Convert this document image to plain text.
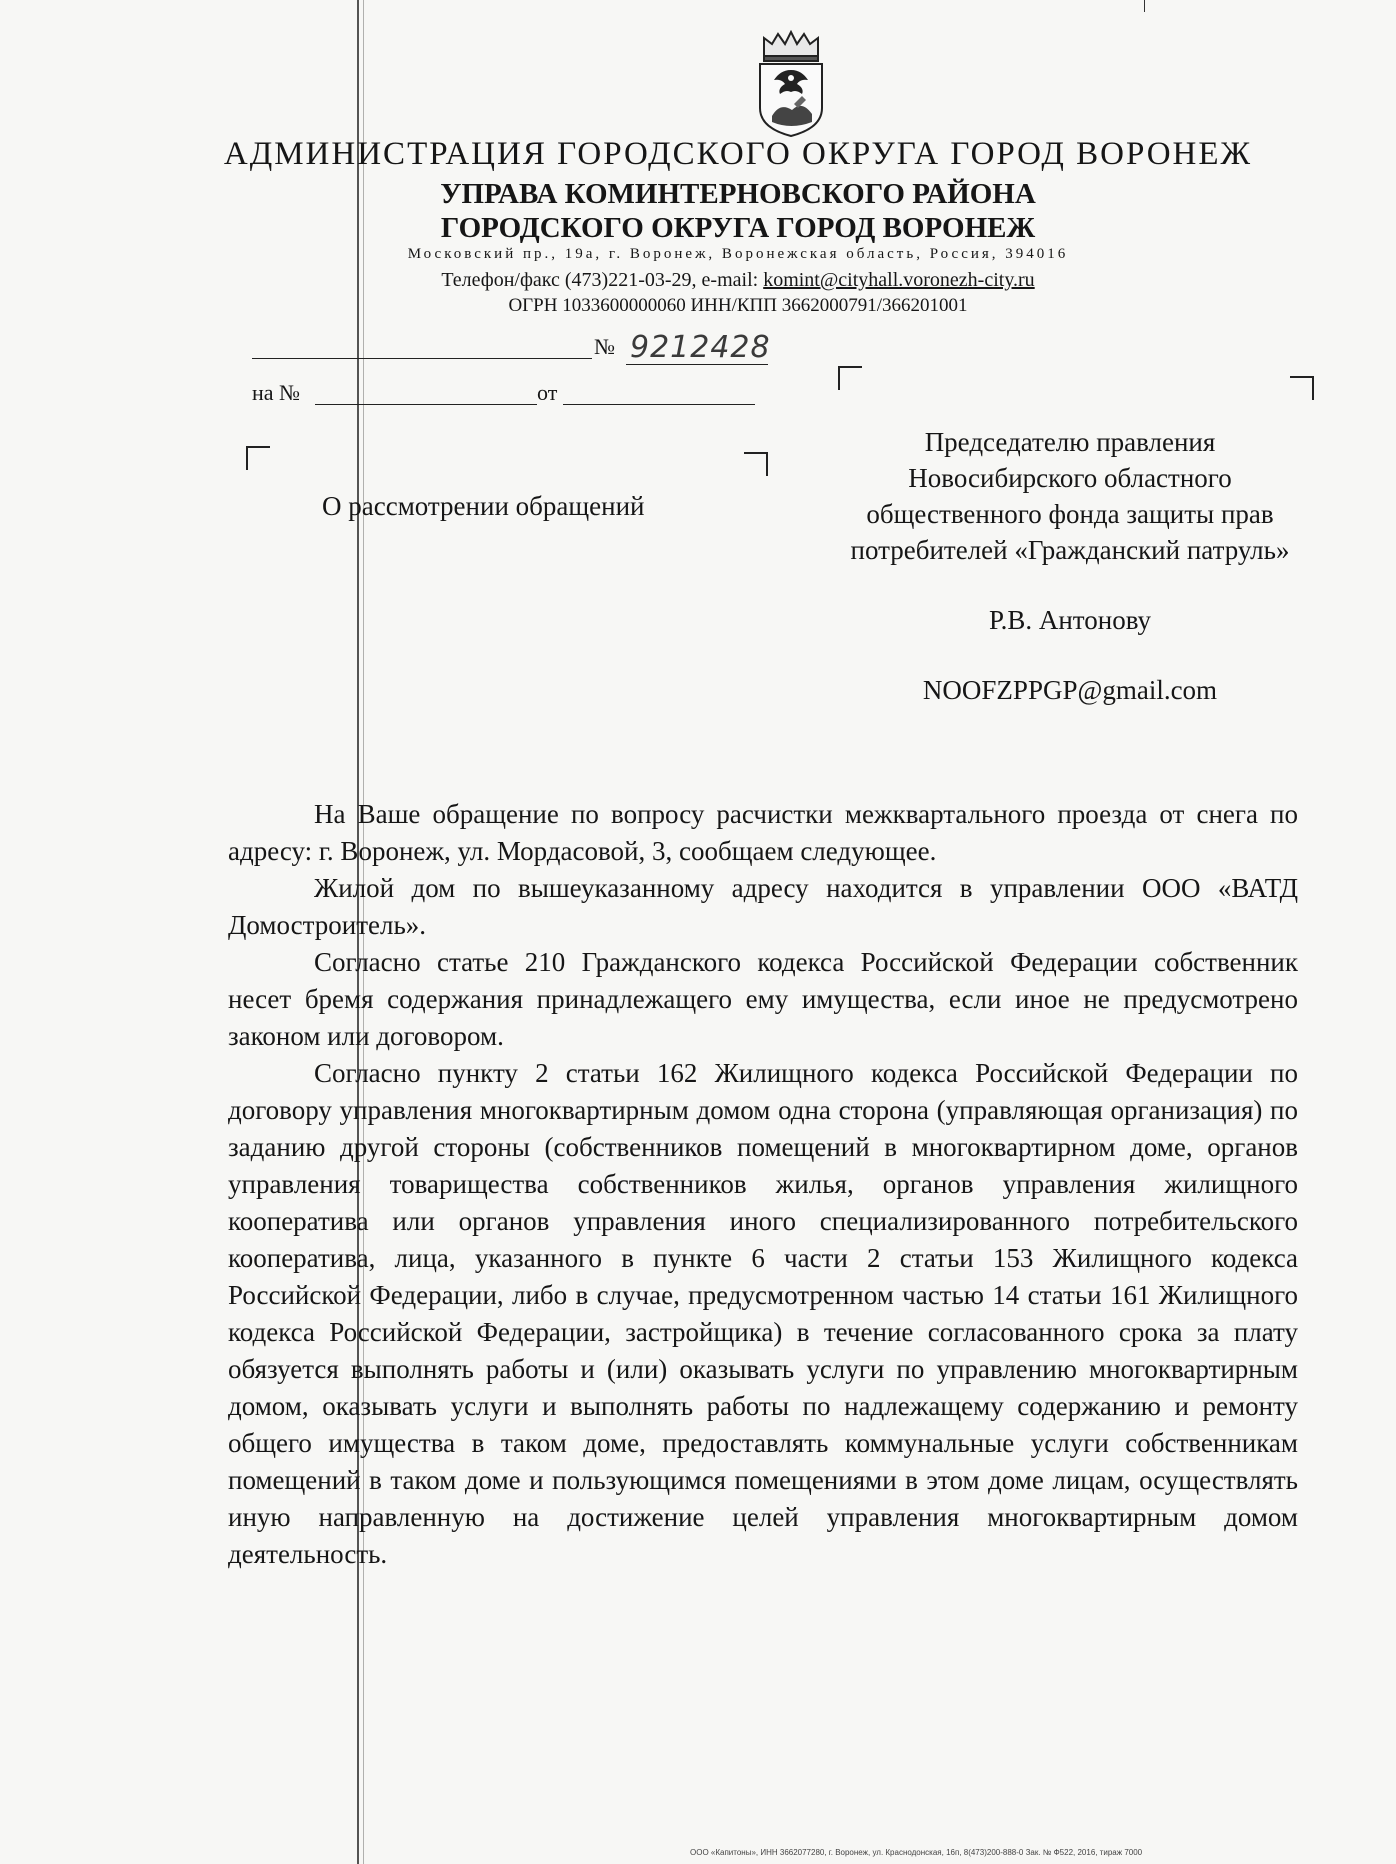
АДМИНИСТРАЦИЯ ГОРОДСКОГО ОКРУГА ГОРОД ВОРОНЕЖ
УПРАВА КОМИНТЕРНОВСКОГО РАЙОНА
ГОРОДСКОГО ОКРУГА ГОРОД ВОРОНЕЖ
Московский пр., 19а, г. Воронеж, Воронежская область, Россия, 394016
Телефон/факс (473)221-03-29, e-mail: komint@cityhall.voronezh-city.ru
ОГРН 1033600000060 ИНН/КПП 3662000791/366201001
№ 9212428
на №	от
О рассмотрении обращений
Председателю правления
Новосибирского областного
общественного фонда защиты прав
потребителей «Гражданский патруль»
Р.В. Антонову
NOOFZPPGP@gmail.com

На Ваше обращение по вопросу расчистки межквартального проезда от снега по адресу: г. Воронеж, ул. Мордасовой, 3, сообщаем следующее.

Жилой дом по вышеуказанному адресу находится в управлении ООО «ВАТД Домостроитель».

Согласно статье 210 Гражданского кодекса Российской Федерации собственник несет бремя содержания принадлежащего ему имущества, если иное не предусмотрено законом или договором.

Согласно пункту 2 статьи 162 Жилищного кодекса Российской Федерации по договору управления многоквартирным домом одна сторона (управляющая организация) по заданию другой стороны (собственников помещений в многоквартирном доме, органов управления товарищества собственников жилья, органов управления жилищного кооператива или органов управления иного специализированного потребительского кооператива, лица, указанного в пункте 6 части 2 статьи 153 Жилищного кодекса Российской Федерации, либо в случае, предусмотренном частью 14 статьи 161 Жилищного кодекса Российской Федерации, застройщика) в течение согласованного срока за плату обязуется выполнять работы и (или) оказывать услуги по управлению многоквартирным домом, оказывать услуги и выполнять работы по надлежащему содержанию и ремонту общего имущества в таком доме, предоставлять коммунальные услуги собственникам помещений в таком доме и пользующимся помещениями в этом доме лицам, осуществлять иную направленную на достижение целей управления многоквартирным домом деятельность.

ООО «Капитоны», ИНН 3662077280, г. Воронеж, ул. Краснодонская, 16п, 8(473)200-888-0 Зак. № Ф522, 2016, тираж 7000
